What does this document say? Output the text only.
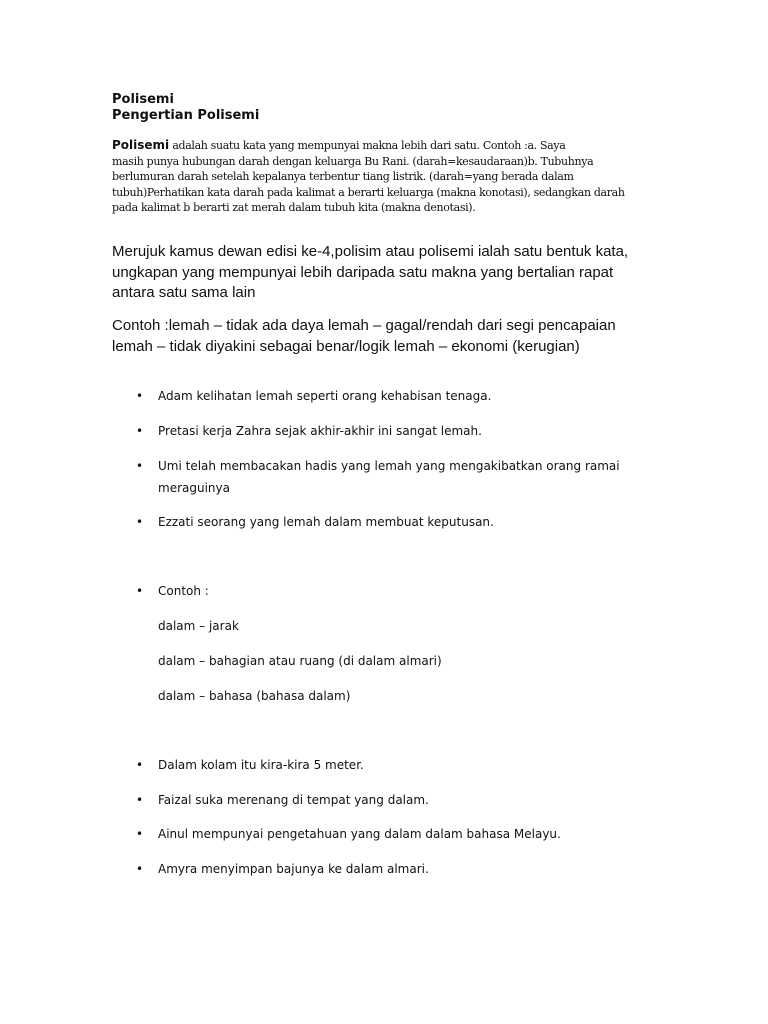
Polisemi
Pengertian Polisemi
Polisemi adalah suatu kata yang mempunyai makna lebih dari satu. Contoh :a. Saya
masih punya hubungan darah dengan keluarga Bu Rani. (darah=kesaudaraan)b. Tubuhnya
berlumuran darah setelah kepalanya terbentur tiang listrik. (darah=yang berada dalam
tubuh)Perhatikan kata darah pada kalimat a berarti keluarga (makna konotasi), sedangkan darah
pada kalimat b berarti zat merah dalam tubuh kita (makna denotasi).
Merujuk kamus dewan edisi ke-4,polisim atau polisemi ialah satu bentuk kata,
ungkapan yang mempunyai lebih daripada satu makna yang bertalian rapat
antara satu sama lain
Contoh :lemah – tidak ada daya lemah – gagal/rendah dari segi pencapaian
lemah – tidak diyakini sebagai benar/logik lemah – ekonomi (kerugian)
•	Adam kelihatan lemah seperti orang kehabisan tenaga.
•	Pretasi kerja Zahra sejak akhir-akhir ini sangat lemah.
•	Umi telah membacakan hadis yang lemah yang mengakibatkan orang ramai
meraguinya
•	Ezzati seorang yang lemah dalam membuat keputusan.
•	Contoh :
dalam – jarak
dalam – bahagian atau ruang (di dalam almari)
dalam – bahasa (bahasa dalam)
•	Dalam kolam itu kira-kira 5 meter.
•	Faizal suka merenang di tempat yang dalam.
•	Ainul mempunyai pengetahuan yang dalam dalam bahasa Melayu.
•	Amyra menyimpan bajunya ke dalam almari.
